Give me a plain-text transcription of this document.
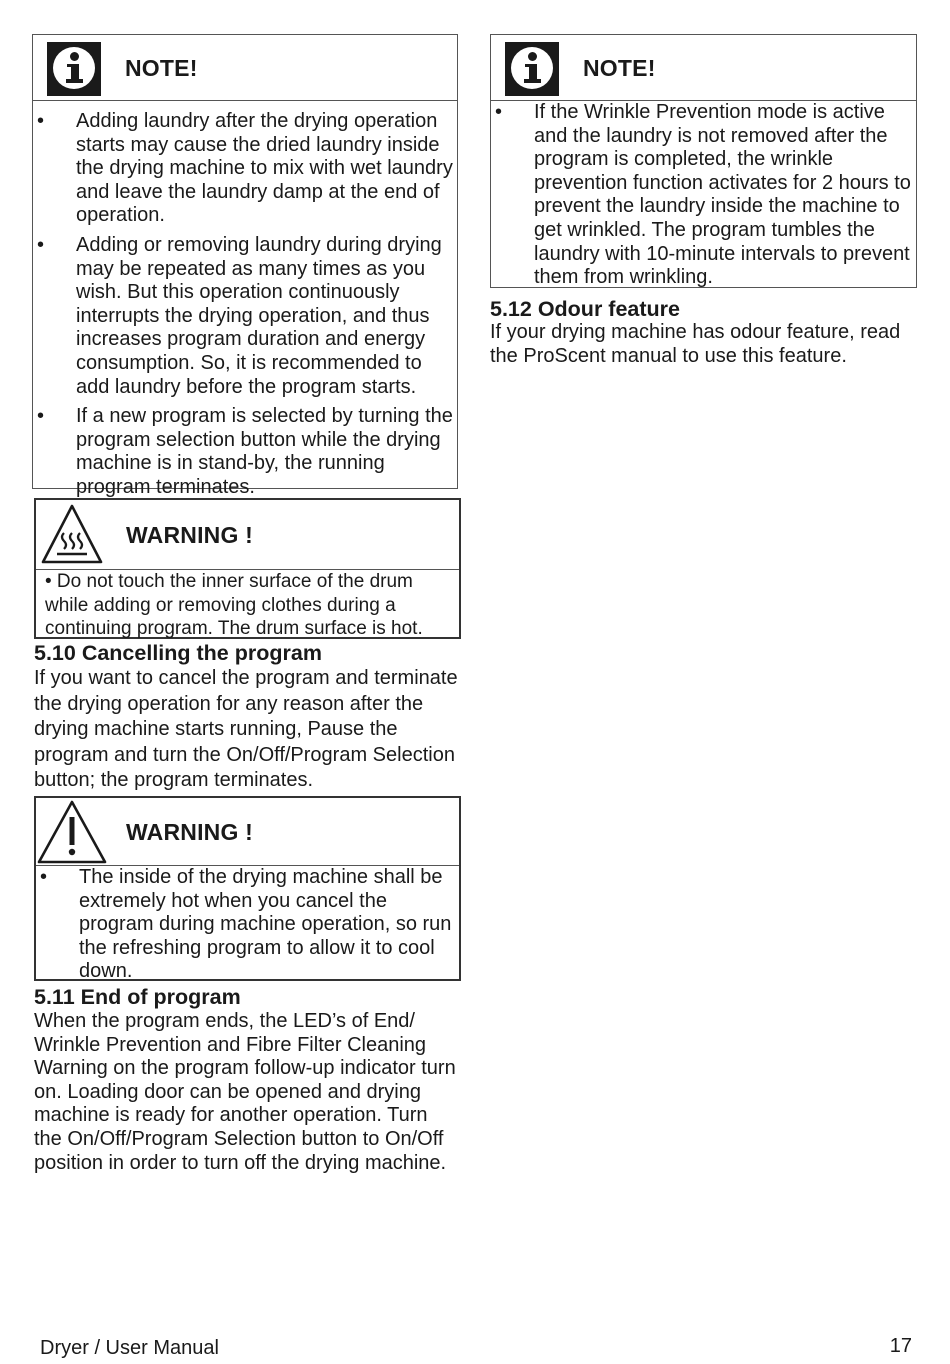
NOTE!
• Adding laundry after the drying operation starts may cause the dried laundry inside the drying machine to mix with wet laundry and leave the laundry damp at the end of operation.
• Adding or removing laundry during drying may be repeated as many times as you wish. But this operation continuously interrupts the drying operation, and thus increases program duration and energy consumption. So, it is recommended to add laundry before the program starts.
• If a new program is selected by turning the program selection button while the drying machine is in stand-by, the running program terminates.
WARNING !
• Do not touch the inner surface of the drum while adding or removing clothes during a continuing program. The drum surface is hot.
5.10 Cancelling the program

If you want to cancel the program and terminate the drying operation for any reason after the drying machine starts running, Pause the program and turn the On/Off/Program Selection button; the program terminates.

WARNING !
• The inside of the drying machine shall be extremely hot when you cancel the program during machine operation, so run the refreshing program to allow it to cool down.
5.11 End of program

When the program ends, the LED’s of End/ Wrinkle Prevention and Fibre Filter Cleaning Warning on the program follow-up indicator turn on. Loading door can be opened and drying machine is ready for another operation. Turn the On/Off/Program Selection button to On/Off position in order to turn off the drying machine.

NOTE!
• If the Wrinkle Prevention mode is active and the laundry is not removed after the program is completed, the wrinkle prevention function activates for 2 hours to prevent the laundry inside the machine to get wrinkled. The program tumbles the laundry with 10-minute intervals to prevent them from wrinkling.
5.12 Odour feature

If your drying machine has odour feature, read the ProScent manual to use this feature.

Dryer / User Manual	17
